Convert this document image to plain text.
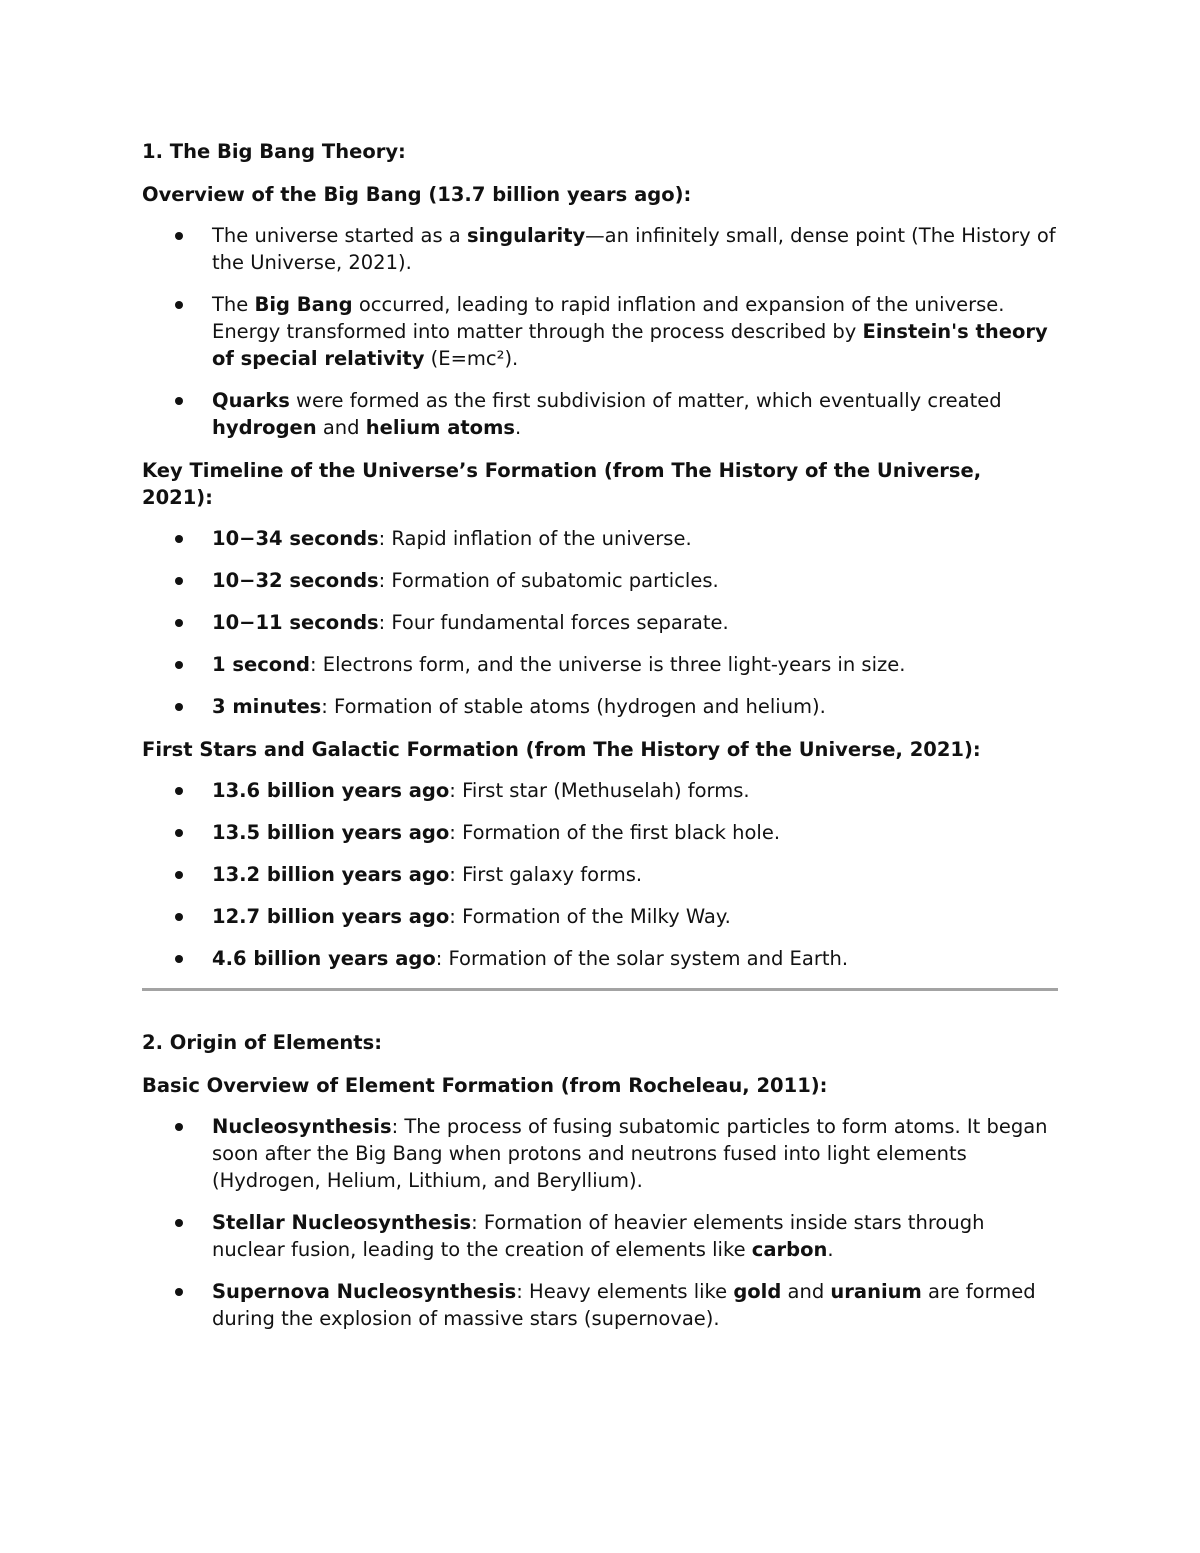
1. The Big Bang Theory:

Overview of the Big Bang (13.7 billion years ago):

The universe started as a singularity—an infinitely small, dense point (The History of the Universe, 2021).
The Big Bang occurred, leading to rapid inflation and expansion of the universe. Energy transformed into matter through the process described by Einstein's theory of special relativity (E=mc²).
Quarks were formed as the first subdivision of matter, which eventually created hydrogen and helium atoms.

Key Timeline of the Universe’s Formation (from The History of the Universe, 2021):

10−34 seconds: Rapid inflation of the universe.
10−32 seconds: Formation of subatomic particles.
10−11 seconds: Four fundamental forces separate.
1 second: Electrons form, and the universe is three light-years in size.
3 minutes: Formation of stable atoms (hydrogen and helium).

First Stars and Galactic Formation (from The History of the Universe, 2021):

13.6 billion years ago: First star (Methuselah) forms.
13.5 billion years ago: Formation of the first black hole.
13.2 billion years ago: First galaxy forms.
12.7 billion years ago: Formation of the Milky Way.
4.6 billion years ago: Formation of the solar system and Earth.

2. Origin of Elements:

Basic Overview of Element Formation (from Rocheleau, 2011):

Nucleosynthesis: The process of fusing subatomic particles to form atoms. It began soon after the Big Bang when protons and neutrons fused into light elements (Hydrogen, Helium, Lithium, and Beryllium).
Stellar Nucleosynthesis: Formation of heavier elements inside stars through nuclear fusion, leading to the creation of elements like carbon.
Supernova Nucleosynthesis: Heavy elements like gold and uranium are formed during the explosion of massive stars (supernovae).
